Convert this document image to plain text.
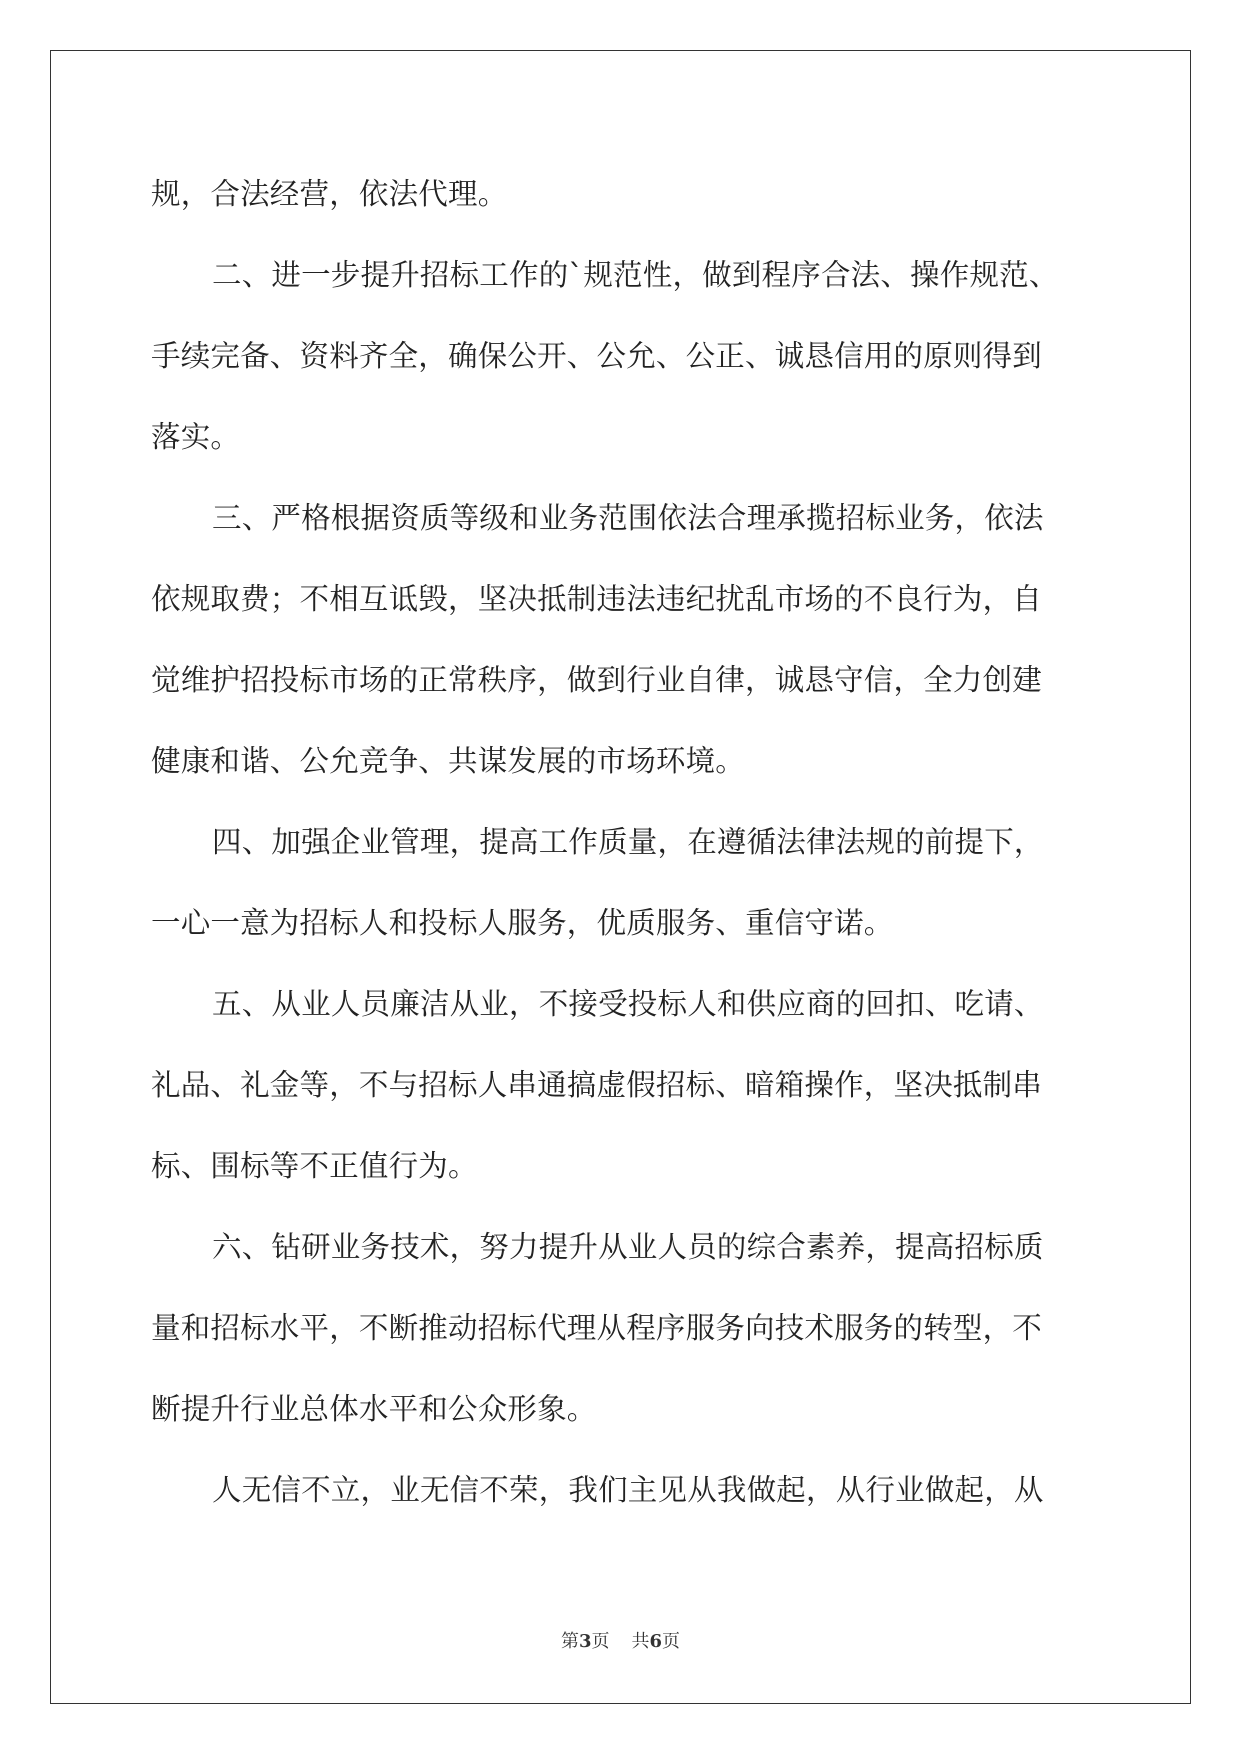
规，合法经营，依法代理。
二、进一步提升招标工作的`规范性，做到程序合法、操作规范、
手续完备、资料齐全，确保公开、公允、公正、诚恳信用的原则得到
落实。
三、严格根据资质等级和业务范围依法合理承揽招标业务，依法
依规取费；不相互诋毁，坚决抵制违法违纪扰乱市场的不良行为，自
觉维护招投标市场的正常秩序，做到行业自律，诚恳守信，全力创建
健康和谐、公允竞争、共谋发展的市场环境。
四、加强企业管理，提高工作质量，在遵循法律法规的前提下，
一心一意为招标人和投标人服务，优质服务、重信守诺。
五、从业人员廉洁从业，不接受投标人和供应商的回扣、吃请、
礼品、礼金等，不与招标人串通搞虚假招标、暗箱操作，坚决抵制串
标、围标等不正值行为。
六、钻研业务技术，努力提升从业人员的综合素养，提高招标质
量和招标水平，不断推动招标代理从程序服务向技术服务的转型，不
断提升行业总体水平和公众形象。
人无信不立，业无信不荣，我们主见从我做起，从行业做起，从
第3页 共6页
